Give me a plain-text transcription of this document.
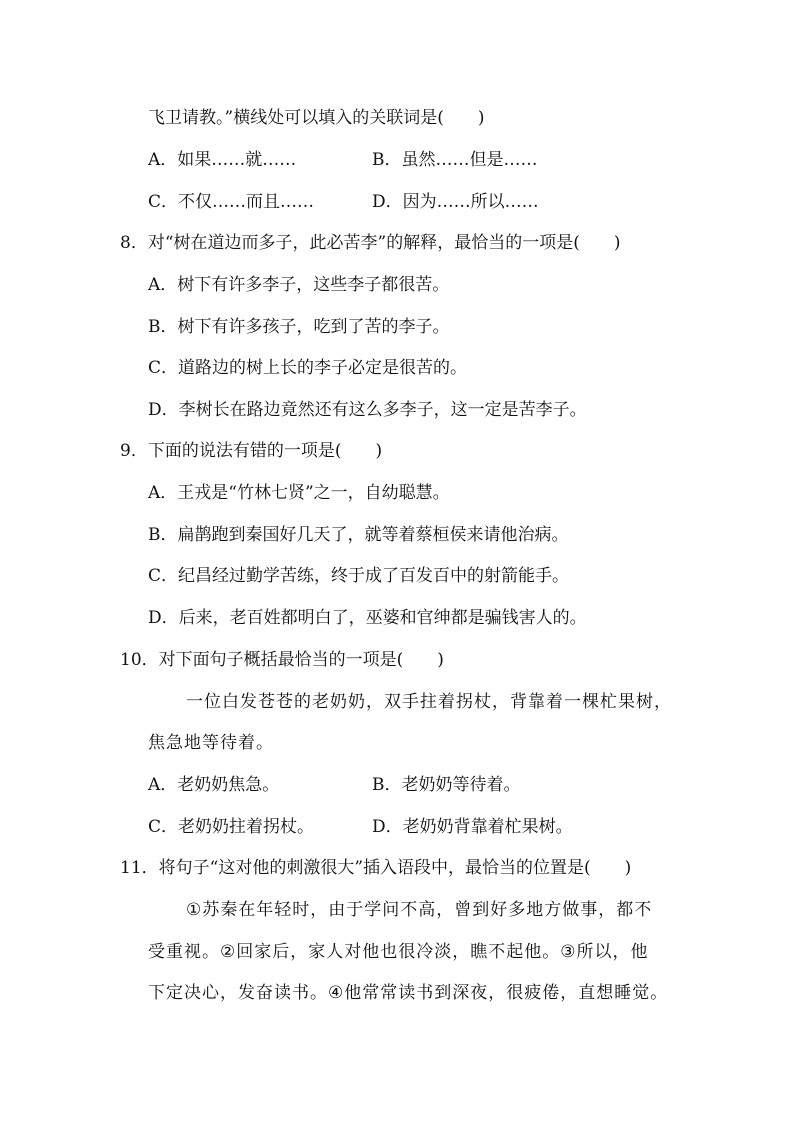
飞卫请教。”横线处可以填入的关联词是(　　)
A．如果……就……	B．虽然……但是……
C．不仅……而且……	D．因为……所以……
8．对“树在道边而多子，此必苦李”的解释，最恰当的一项是(　　)
A．树下有许多李子，这些李子都很苦。
B．树下有许多孩子，吃到了苦的李子。
C．道路边的树上长的李子必定是很苦的。
D．李树长在路边竟然还有这么多李子，这一定是苦李子。
9．下面的说法有错的一项是(　　)
A．王戎是“竹林七贤”之一，自幼聪慧。
B．扁鹊跑到秦国好几天了，就等着蔡桓侯来请他治病。
C．纪昌经过勤学苦练，终于成了百发百中的射箭能手。
D．后来，老百姓都明白了，巫婆和官绅都是骗钱害人的。
10．对下面句子概括最恰当的一项是(　　)
一位白发苍苍的老奶奶，双手拄着拐杖，背靠着一棵杧果树，
焦急地等待着。
A．老奶奶焦急。	B．老奶奶等待着。
C．老奶奶拄着拐杖。	D．老奶奶背靠着杧果树。
11．将句子“这对他的刺激很大”插入语段中，最恰当的位置是(　　)
①苏秦在年轻时，由于学问不高，曾到好多地方做事，都不
受重视。②回家后，家人对他也很冷淡，瞧不起他。③所以，他
下定决心，发奋读书。④他常常读书到深夜，很疲倦，直想睡觉。
